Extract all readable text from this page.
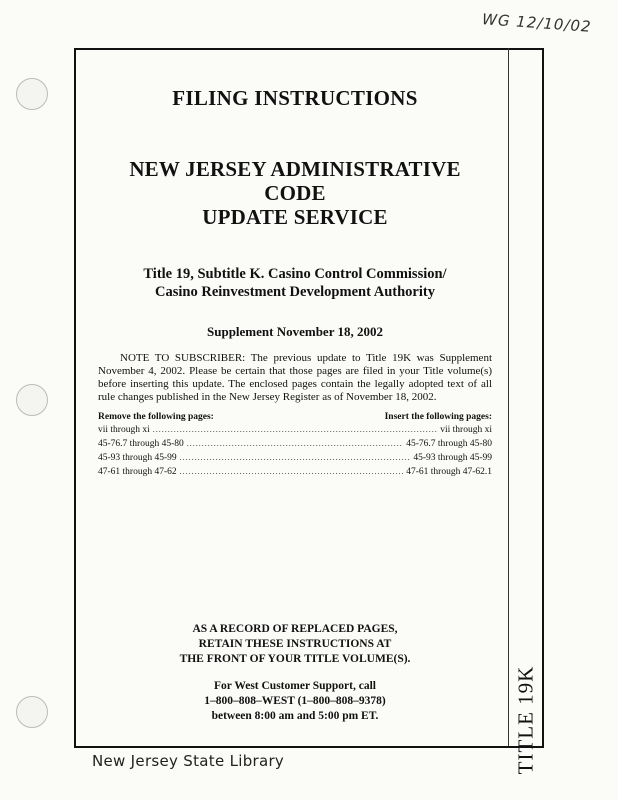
WG 12/10/02
TITLE 19K
FILING INSTRUCTIONS
NEW JERSEY ADMINISTRATIVE CODE
UPDATE SERVICE
Title 19, Subtitle K. Casino Control Commission/
Casino Reinvestment Development Authority
Supplement November 18, 2002

NOTE TO SUBSCRIBER: The previous update to Title 19K was Supplement November 4, 2002. Please be certain that those pages are filed in your Title volume(s) before inserting this update. The enclosed pages contain the legally adopted text of all rule changes published in the New Jersey Register as of November 18, 2002.

Remove the following pages:	Insert the following pages:
vii through xi .....	vii through xi
45-76.7 through 45-80 .....	45-76.7 through 45-80
45-93 through 45-99 .....	45-93 through 45-99
47-61 through 47-62 .....	47-61 through 47-62.1
AS A RECORD OF REPLACED PAGES,
RETAIN THESE INSTRUCTIONS AT
THE FRONT OF YOUR TITLE VOLUME(S).
For West Customer Support, call
1–800–808–WEST (1–800–808–9378)
between 8:00 am and 5:00 pm ET.
New Jersey State Library
